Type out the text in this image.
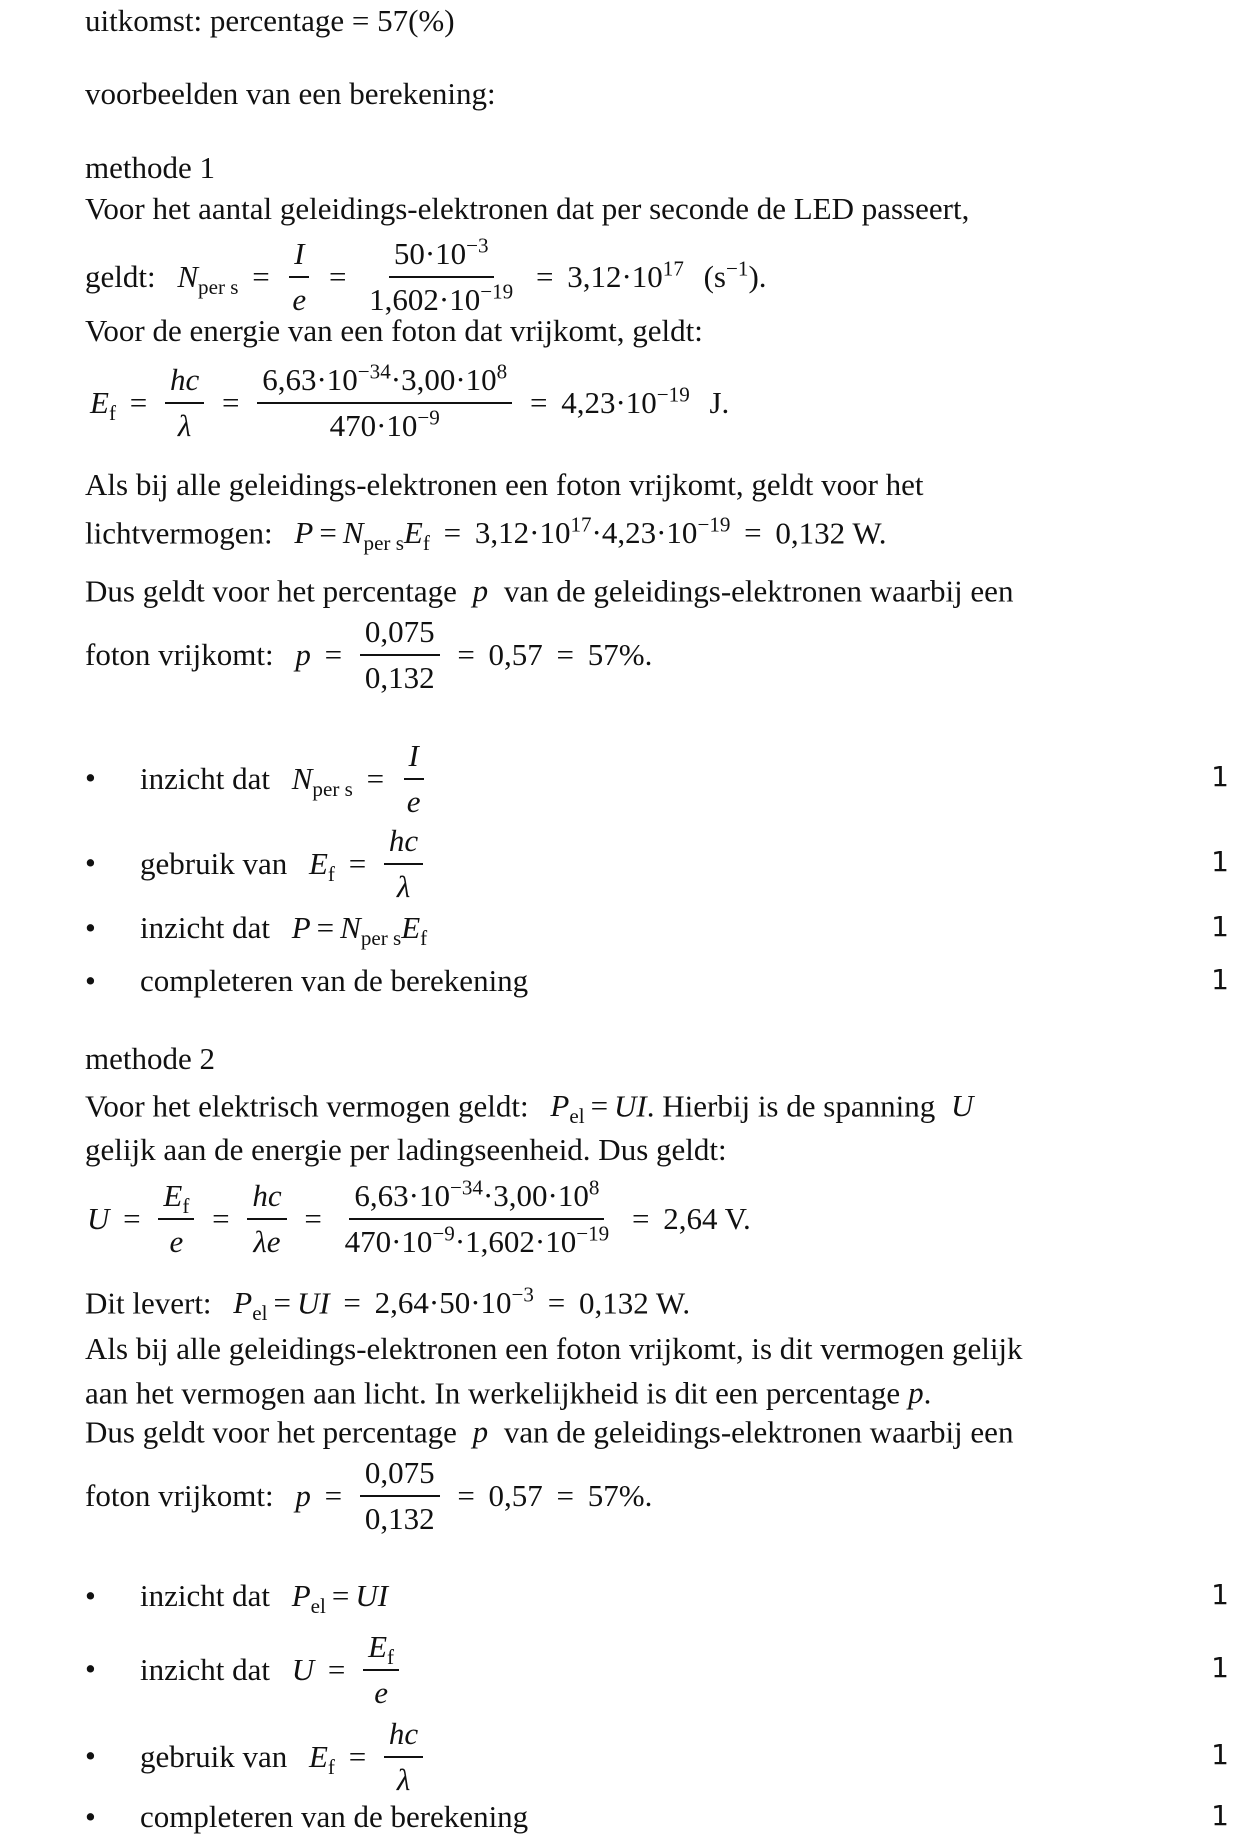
uitkomst: percentage = 57(%)
voorbeelden van een berekening:
methode 1
Voor het aantal geleidings-elektronen dat per seconde de LED passeert,
geldt: $N_{per s} = \frac{I}{e} = \frac{50\cdot 10^{-3}}{1,602\cdot 10^{-19}} = 3,12\cdot 10^{17}$ $(s^{-1})$.
Voor de energie van een foton dat vrijkomt, geldt:
$E_f = \frac{hc}{\lambda} = \frac{6,63\cdot 10^{-34}\cdot 3,00\cdot 10^8}{470\cdot 10^{-9}} = 4,23\cdot 10^{-19}$ J.
Als bij alle geleidings-elektronen een foton vrijkomt, geldt voor het
lichtvermogen: $P = N_{per s}E_f = 3,12\cdot 10^{17}\cdot 4,23\cdot 10^{-19} = 0,132$ W.
Dus geldt voor het percentage p van de geleidings-elektronen waarbij een
foton vrijkomt: $p = \frac{0,075}{0,132} = 0,57 = 57\%$.
• inzicht dat $N_{per s} = \frac{I}{e}$	1
• gebruik van $E_f = \frac{hc}{\lambda}$	1
• inzicht dat $P = N_{per s}E_f$	1
• completeren van de berekening	1
methode 2
Voor het elektrisch vermogen geldt: $P_{el}$ = UI. Hierbij is de spanning U
gelijk aan de energie per ladingseenheid. Dus geldt:
$U = \frac{E_f}{e} = \frac{hc}{\lambda e} = \frac{6,63\cdot 10^{-34}\cdot 3,00\cdot 10^8}{470\cdot 10^{-9}\cdot 1,602\cdot 10^{-19}} = 2,64$ V.
Dit levert: $P_{el}$ = UI = $2,64\cdot 50\cdot 10^{-3} = 0,132$ W.
Als bij alle geleidings-elektronen een foton vrijkomt, is dit vermogen gelijk
aan het vermogen aan licht. In werkelijkheid is dit een percentage p.
Dus geldt voor het percentage p van de geleidings-elektronen waarbij een
foton vrijkomt: $p = \frac{0,075}{0,132} = 0,57 = 57\%$.
• inzicht dat $P_{el}$ = UI	1
• inzicht dat $U = \frac{E_f}{e}$	1
• gebruik van $E_f = \frac{hc}{\lambda}$	1
• completeren van de berekening	1
